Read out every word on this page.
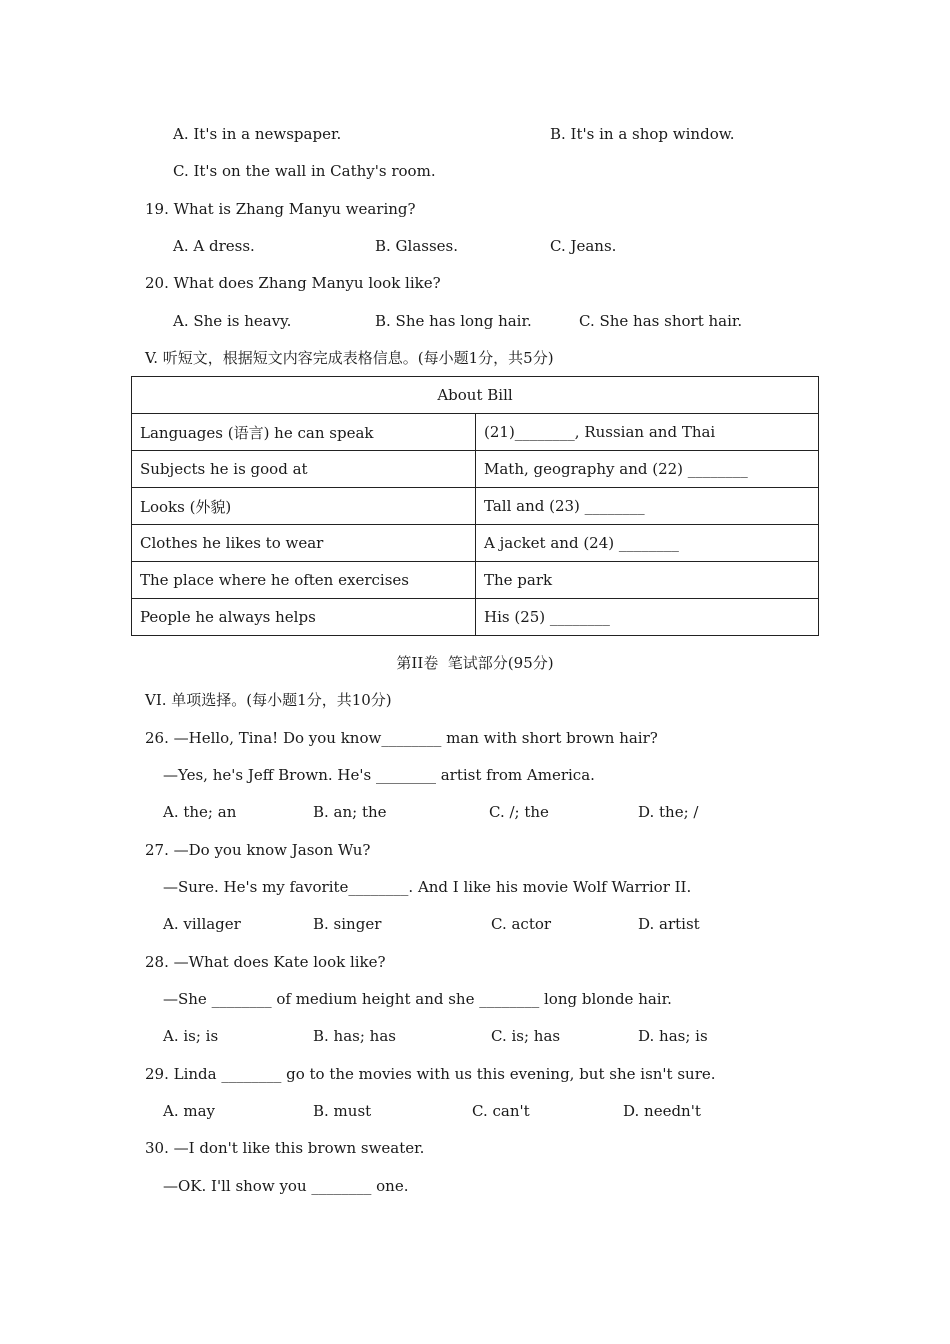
A. It's in a newspaper.	B. It's in a shop window.
C. It's on the wall in Cathy's room.
19. What is Zhang Manyu wearing?
A. A dress.	B. Glasses.	C. Jeans.
20. What does Zhang Manyu look like?
A. She is heavy.	B. She has long hair.	C. She has short hair.
V. 听短文，根据短文内容完成表格信息。(每小题1分，共5分)
About Bill	
Languages (语言) he can speak	(21)________, Russian and Thai
Subjects he is good at	Math, geography and (22) ________
Looks (外貌)	Tall and (23) ________
Clothes he likes to wear	A jacket and (24) ________
The place where he often exercises	The park
People he always helps	His (25) ________
第II卷  笔试部分(95分)
VI. 单项选择。(每小题1分，共10分)
26. —Hello, Tina! Do you know________ man with short brown hair?
—Yes, he's Jeff Brown. He's ________ artist from America.
A. the; an	B. an; the	C. /; the	D. the; /
27. —Do you know Jason Wu?
—Sure. He's my favorite________. And I like his movie Wolf Warrior II.
A. villager	B. singer	C. actor	D. artist
28. —What does Kate look like?
—She ________ of medium height and she ________ long blonde hair.
A. is; is	B. has; has	C. is; has	D. has; is
29. Linda ________ go to the movies with us this evening, but she isn't sure.
A. may	B. must	C. can't	D. needn't
30. —I don't like this brown sweater.
—OK. I'll show you ________ one.
